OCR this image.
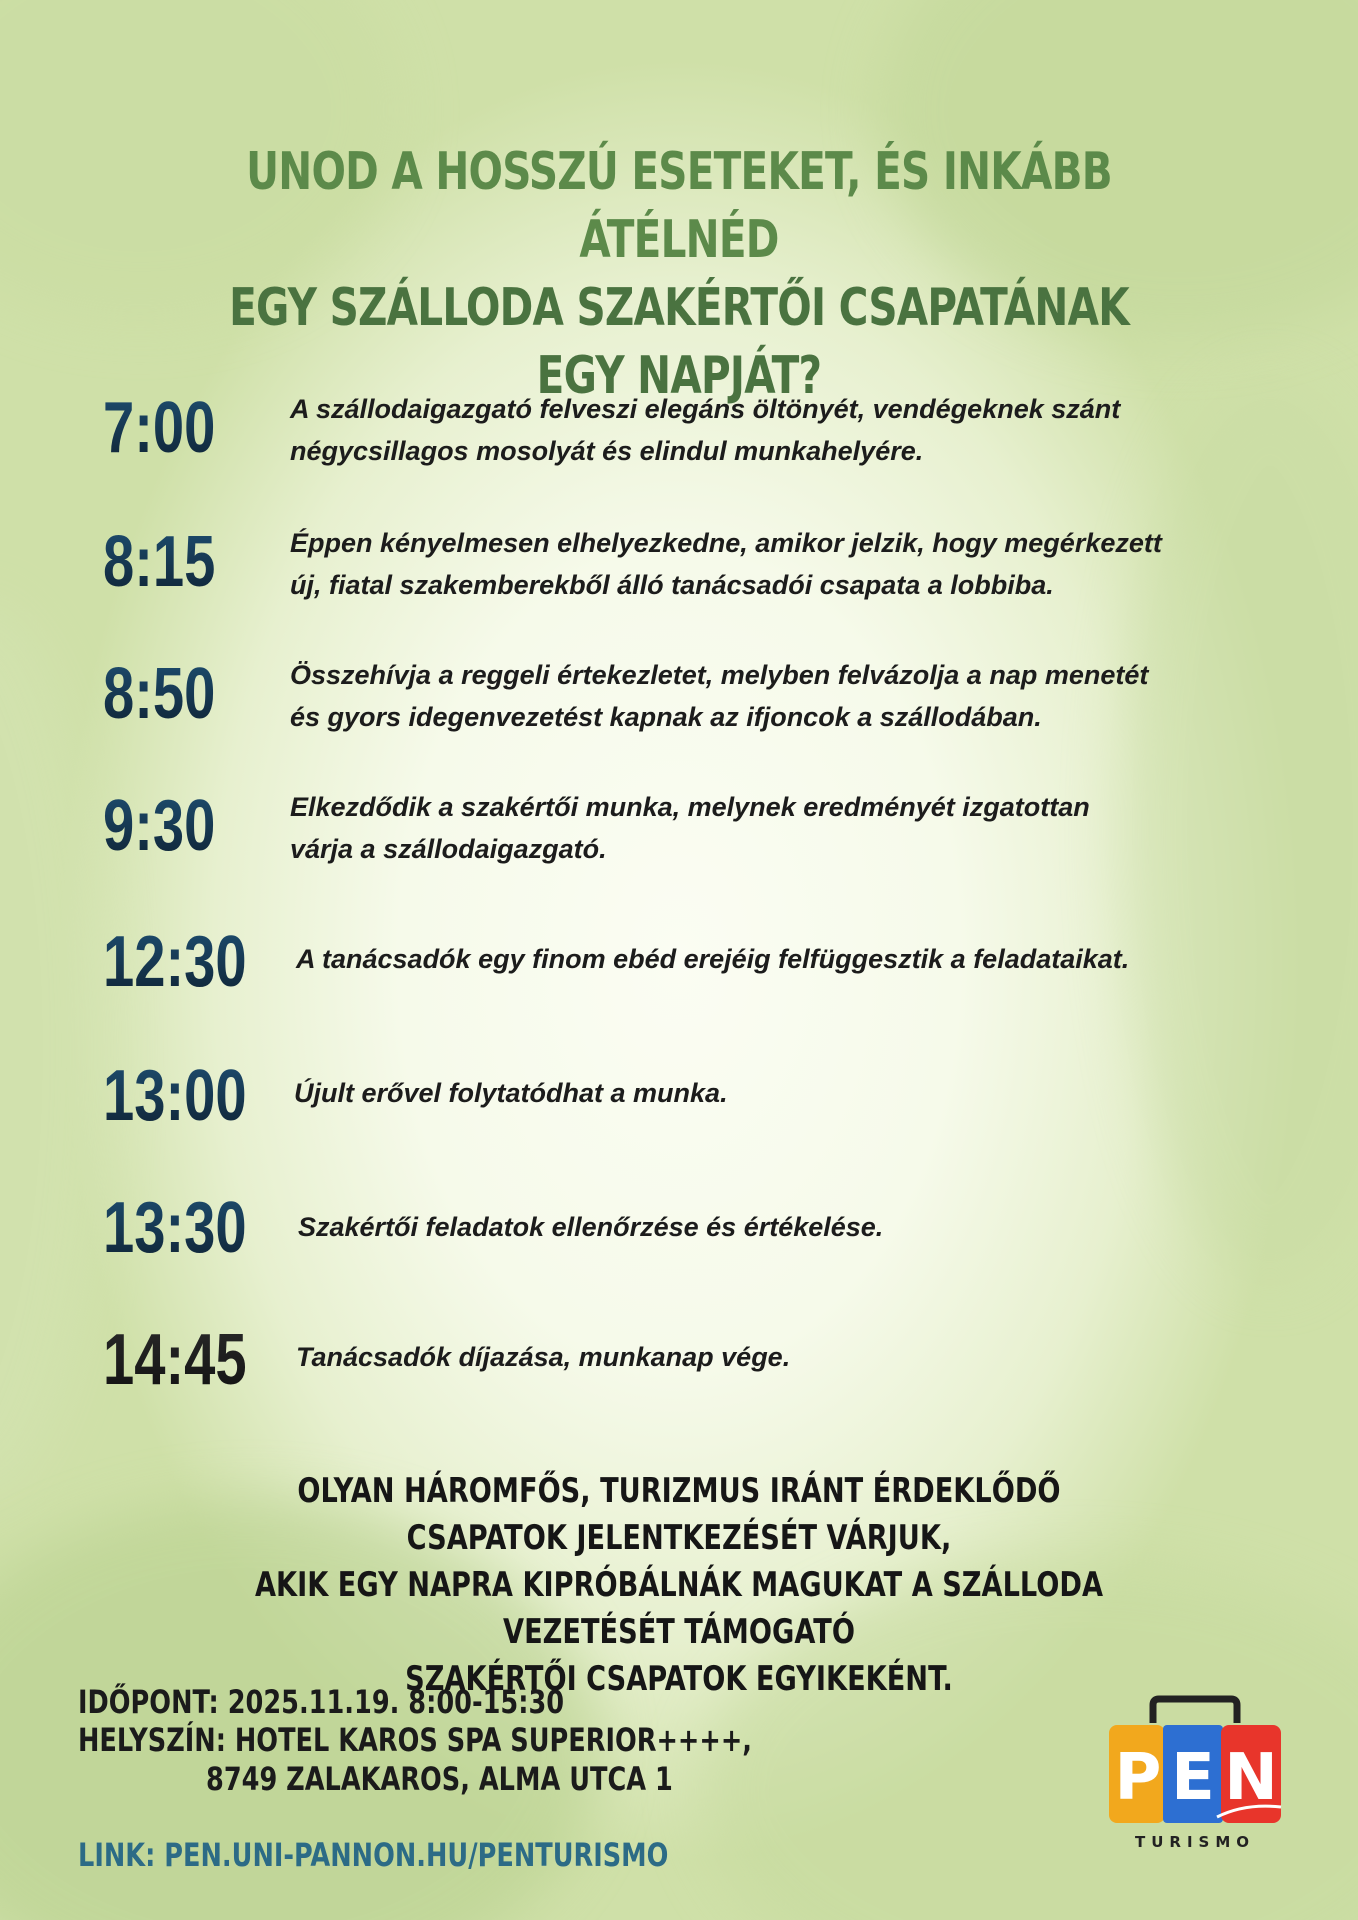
UNOD A HOSSZÚ ESETEKET, ÉS INKÁBB ÁTÉLNÉD
EGY SZÁLLODA SZAKÉRTŐI CSAPATÁNAK EGY NAPJÁT?
7:00	A szállodaigazgató felveszi elegáns öltönyét, vendégeknek szánt
négycsillagos mosolyát és elindul munkahelyére.
8:15	Éppen kényelmesen elhelyezkedne, amikor jelzik, hogy megérkezett
új, fiatal szakemberekből álló tanácsadói csapata a lobbiba.
8:50	Összehívja a reggeli értekezletet, melyben felvázolja a nap menetét
és gyors idegenvezetést kapnak az ifjoncok a szállodában.
9:30	Elkezdődik a szakértői munka, melynek eredményét izgatottan
várja a szállodaigazgató.
12:30 A tanácsadók egy finom ebéd erejéig felfüggesztik a feladataikat.
13:00 Újult erővel folytatódhat a munka.
13:30 Szakértői feladatok ellenőrzése és értékelése.
14:45 Tanácsadók díjazása, munkanap vége.
OLYAN HÁROMFŐS, TURIZMUS IRÁNT ÉRDEKLŐDŐ CSAPATOK JELENTKEZÉSÉT VÁRJUK,
AKIK EGY NAPRA KIPRÓBÁLNÁK MAGUKAT A SZÁLLODA VEZETÉSÉT TÁMOGATÓ
SZAKÉRTŐI CSAPATOK EGYIKEKÉNT.
IDŐPONT: 2025.11.19. 8:00-15:30
HELYSZÍN: HOTEL KAROS SPA SUPERIOR++++,
8749 ZALAKAROS, ALMA UTCA 1
LINK: PEN.UNI-PANNON.HU/PENTURISMO
P E N
TURISMO
